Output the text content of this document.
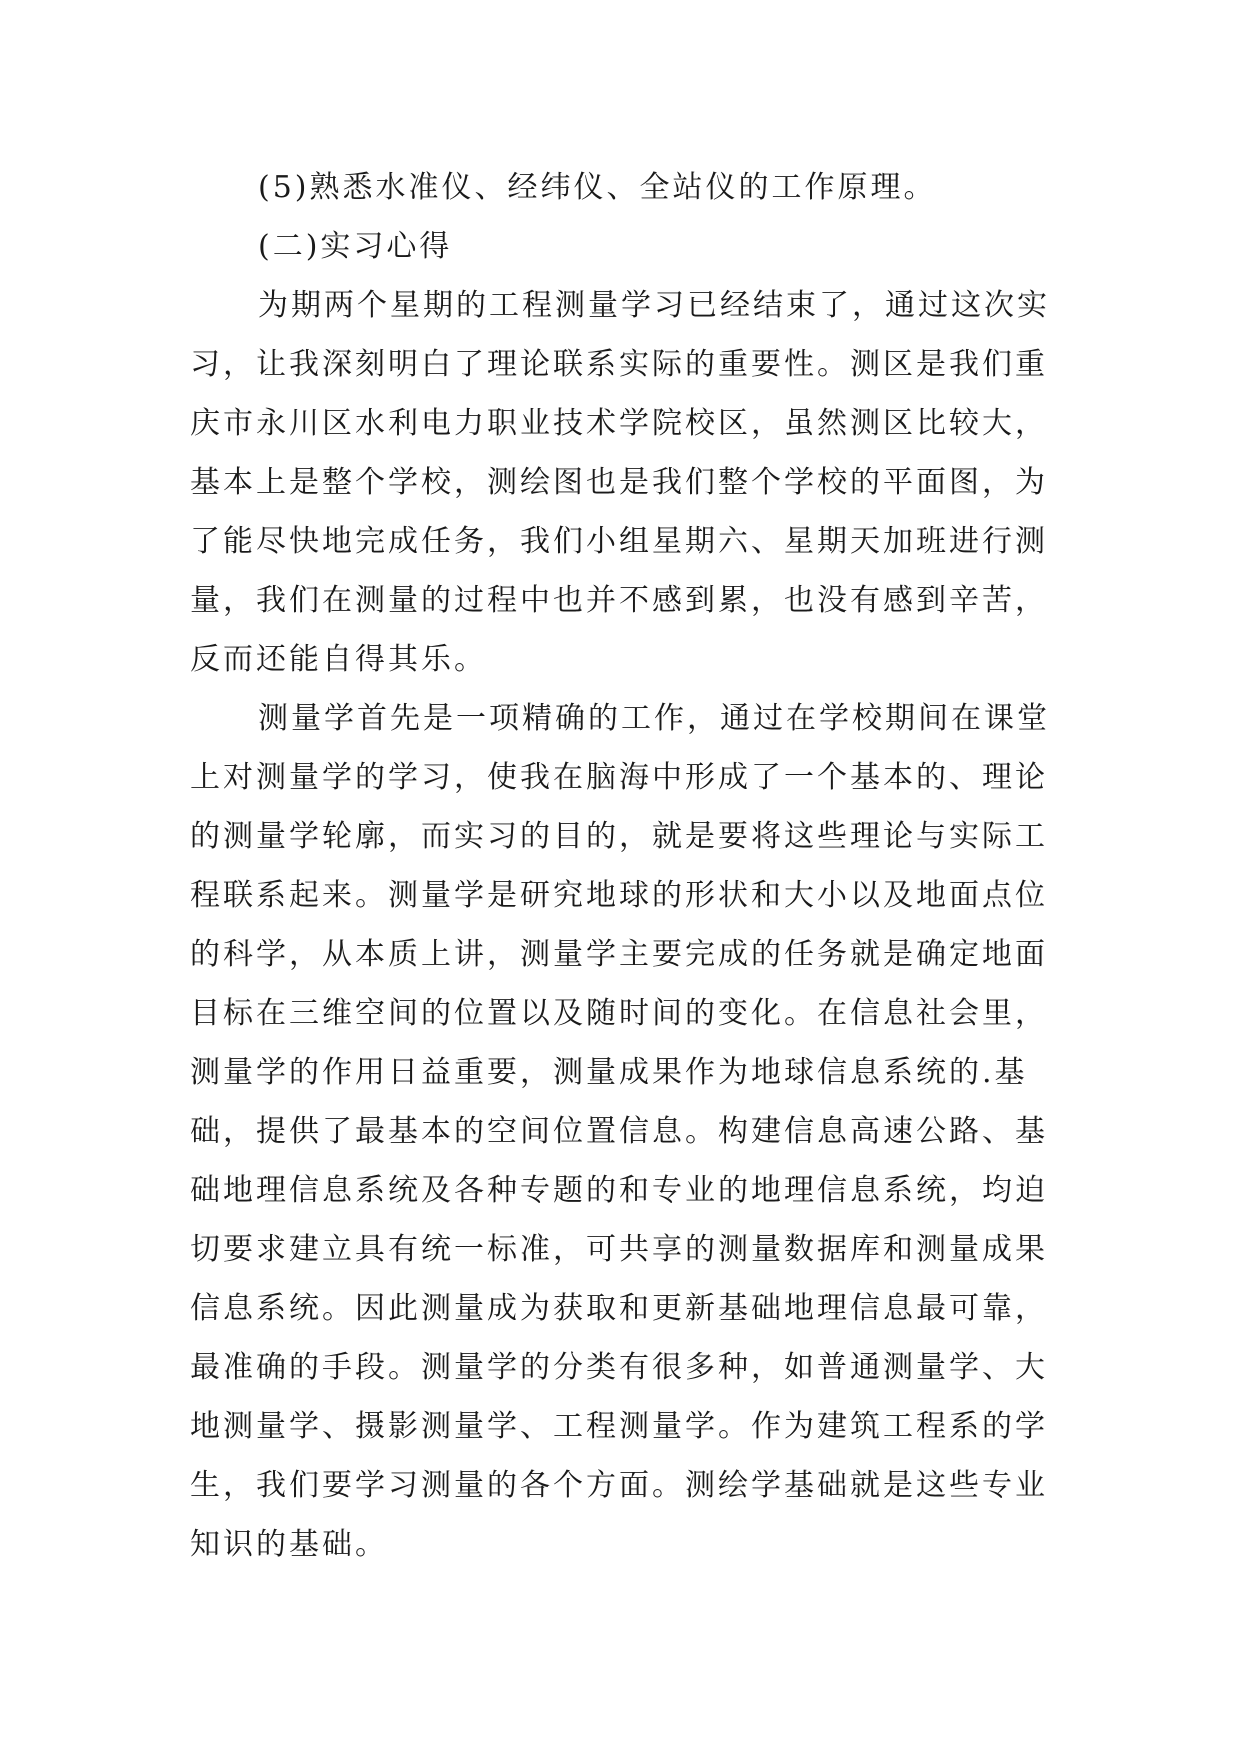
(5)熟悉水准仪、经纬仪、全站仪的工作原理。
(二)实习心得
为期两个星期的工程测量学习已经结束了，通过这次实
习，让我深刻明白了理论联系实际的重要性。测区是我们重
庆市永川区水利电力职业技术学院校区，虽然测区比较大，
基本上是整个学校，测绘图也是我们整个学校的平面图，为
了能尽快地完成任务，我们小组星期六、星期天加班进行测
量，我们在测量的过程中也并不感到累，也没有感到辛苦，
反而还能自得其乐。
测量学首先是一项精确的工作，通过在学校期间在课堂
上对测量学的学习，使我在脑海中形成了一个基本的、理论
的测量学轮廓，而实习的目的，就是要将这些理论与实际工
程联系起来。测量学是研究地球的形状和大小以及地面点位
的科学，从本质上讲，测量学主要完成的任务就是确定地面
目标在三维空间的位置以及随时间的变化。在信息社会里，
测量学的作用日益重要，测量成果作为地球信息系统的.基
础，提供了最基本的空间位置信息。构建信息高速公路、基
础地理信息系统及各种专题的和专业的地理信息系统，均迫
切要求建立具有统一标准，可共享的测量数据库和测量成果
信息系统。因此测量成为获取和更新基础地理信息最可靠，
最准确的手段。测量学的分类有很多种，如普通测量学、大
地测量学、摄影测量学、工程测量学。作为建筑工程系的学
生，我们要学习测量的各个方面。测绘学基础就是这些专业
知识的基础。
